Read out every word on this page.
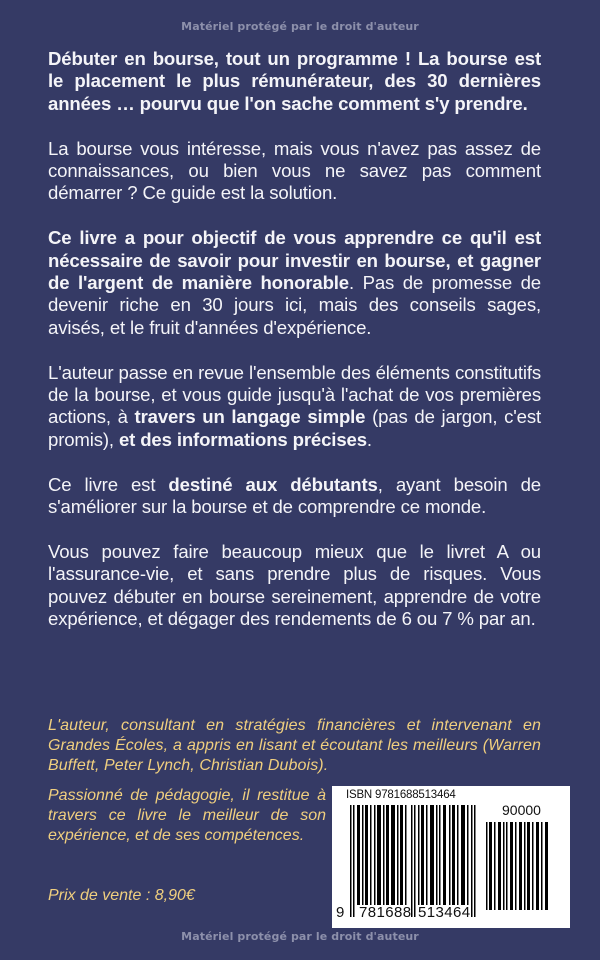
Matériel protégé par le droit d'auteur

Débuter en bourse, tout un programme ! La bourse est le placement le plus rémunérateur, des 30 dernières années … pourvu que l'on sache comment s'y prendre.

La bourse vous intéresse, mais vous n'avez pas assez de connaissances, ou bien vous ne savez pas comment démarrer ? Ce guide est la solution.

Ce livre a pour objectif de vous apprendre ce qu'il est nécessaire de savoir pour investir en bourse, et gagner de l'argent de manière honorable. Pas de promesse de devenir riche en 30 jours ici, mais des conseils sages, avisés, et le fruit d'années d'expérience.

L'auteur passe en revue l'ensemble des éléments constitutifs de la bourse, et vous guide jusqu'à l'achat de vos premières actions, à travers un langage simple (pas de jargon, c'est promis), et des informations précises.

Ce livre est destiné aux débutants, ayant besoin de s'améliorer sur la bourse et de comprendre ce monde.

Vous pouvez faire beaucoup mieux que le livret A ou l'assurance-vie, et sans prendre plus de risques. Vous pouvez débuter en bourse sereinement, apprendre de votre expérience, et dégager des rendements de 6 ou 7 % par an.

L'auteur, consultant en stratégies financières et intervenant en Grandes Écoles, a appris en lisant et écoutant les meilleurs (Warren Buffett, Peter Lynch, Christian Dubois).

Passionné de pédagogie, il restitue à travers ce livre le meilleur de son expérience, et de ses compétences.

Prix de vente : 8,90€
ISBN 9781688513464
90000
9 781688 513464
Matériel protégé par le droit d'auteur
